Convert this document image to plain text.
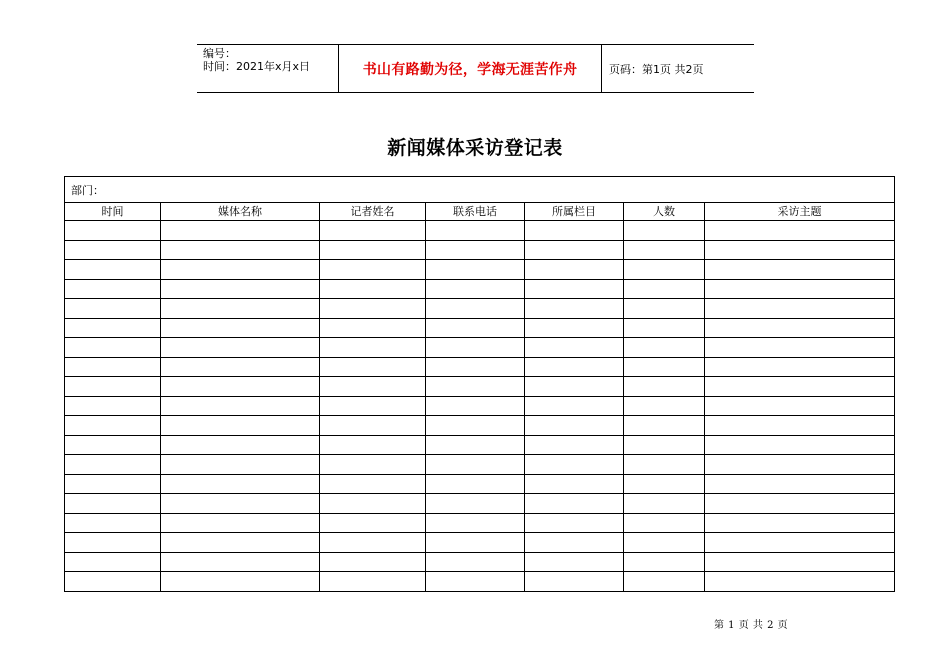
编号：
时间：2021年x月x日	书山有路勤为径，学海无涯苦作舟	页码：第1页 共2页
新闻媒体采访登记表
部门：						
时间	媒体名称	记者姓名	联系电话	所属栏目	人数	采访主题

第 1 页 共 2 页
